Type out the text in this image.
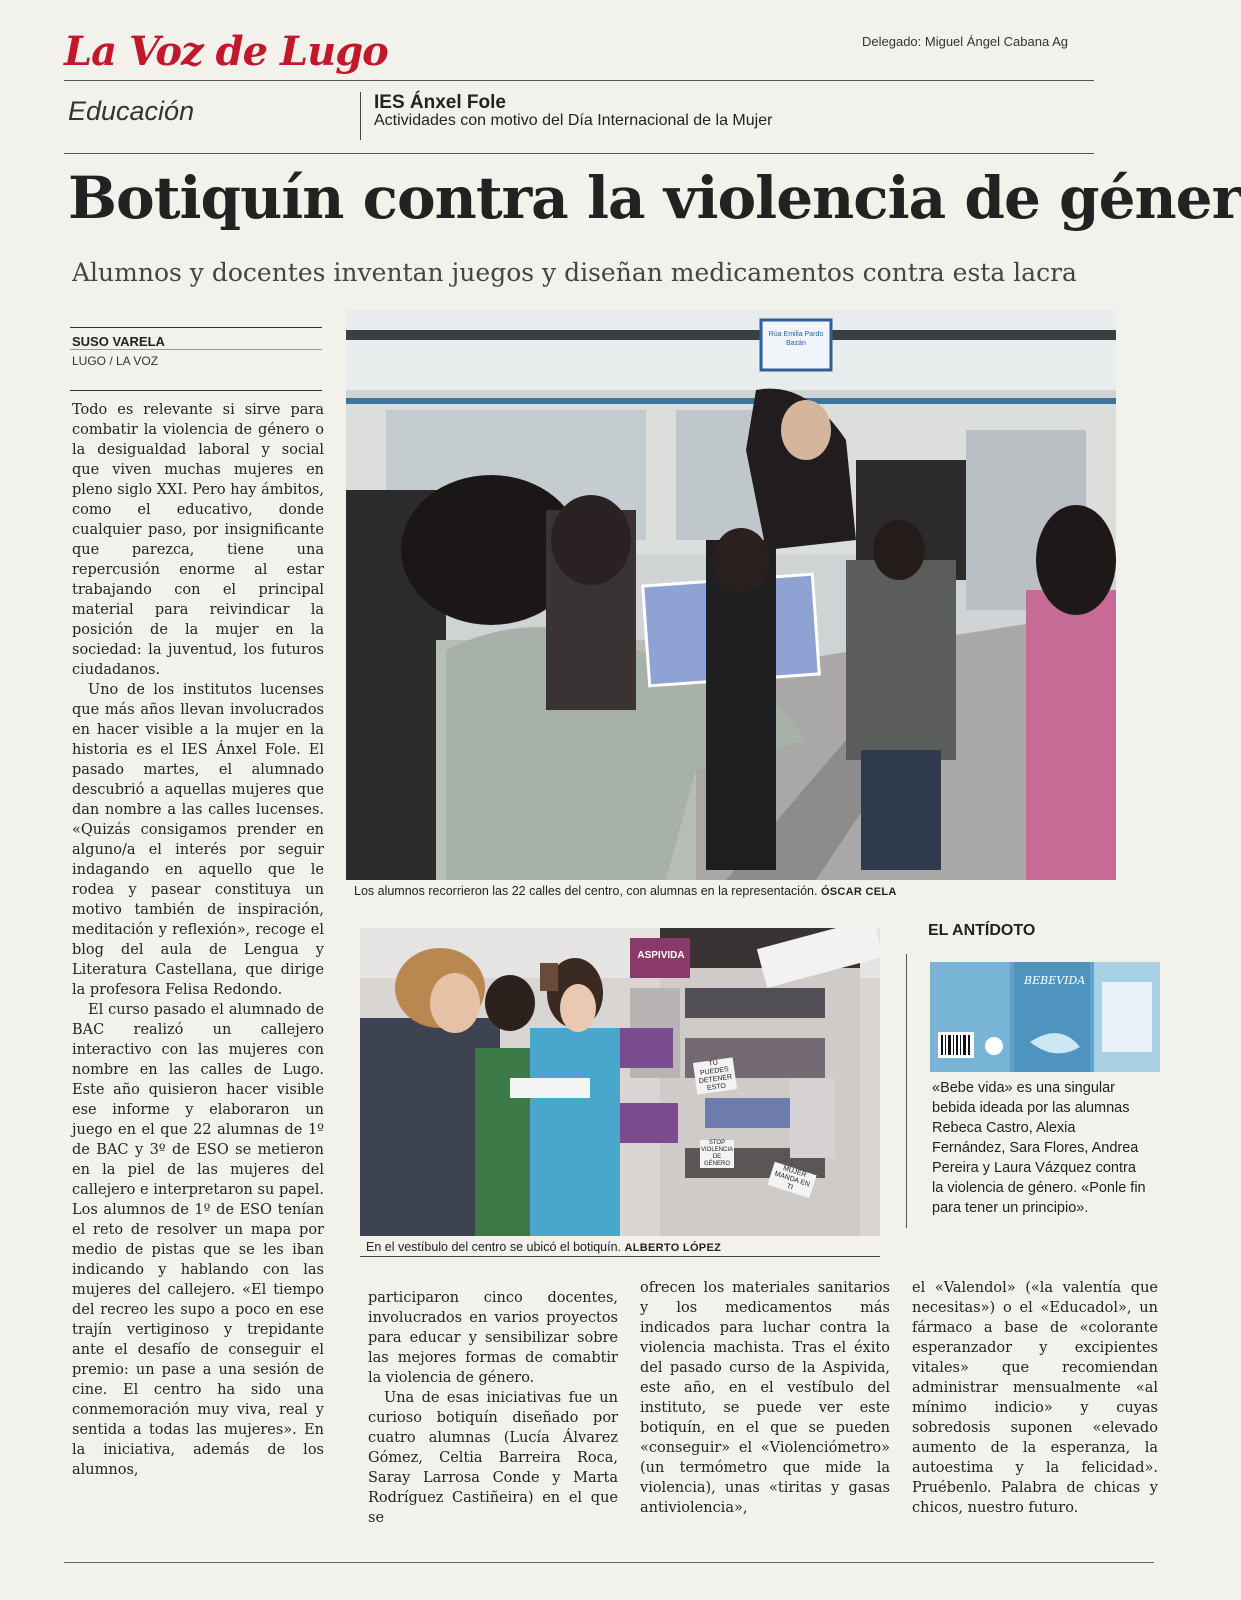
La Voz de Lugo	Delegado: Miguel Ángel Cabana Ag
Educación	IES Ánxel Fole
Actividades con motivo del Día Internacional de la Mujer
Botiquín contra la violencia de géner
Alumnos y docentes inventan juegos y diseñan medicamentos contra esta lacra
SUSO VARELA
LUGO / LA VOZ

Todo es relevante si sirve para combatir la violencia de género o la desigualdad laboral y social que viven muchas mujeres en pleno siglo XXI. Pero hay ámbitos, como el educativo, donde cualquier paso, por insignificante que parezca, tiene una repercusión enorme al estar trabajando con el principal material para reivindicar la posición de la mujer en la sociedad: la juventud, los futuros ciudadanos.

Uno de los institutos lucenses que más años llevan involucrados en hacer visible a la mujer en la historia es el IES Ánxel Fole. El pasado martes, el alumnado descubrió a aquellas mujeres que dan nombre a las calles lucenses. «Quizás consigamos prender en alguno/a el interés por seguir indagando en aquello que le rodea y pasear constituya un motivo también de inspiración, meditación y reflexión», recoge el blog del aula de Lengua y Literatura Castellana, que dirige la profesora Felisa Redondo.

El curso pasado el alumnado de BAC realizó un callejero interactivo con las mujeres con nombre en las calles de Lugo. Este año quisieron hacer visible ese informe y elaboraron un juego en el que 22 alumnas de 1º de BAC y 3º de ESO se metieron en la piel de las mujeres del callejero e interpretaron su papel. Los alumnos de 1º de ESO tenían el reto de resolver un mapa por medio de pistas que se les iban indicando y hablando con las mujeres del callejero. «El tiempo del recreo les supo a poco en ese trajín vertiginoso y trepidante ante el desafío de conseguir el premio: un pase a una sesión de cine. El centro ha sido una conmemoración muy viva, real y sentida a todas las mujeres». En la iniciativa, además de los alumnos,

Rúa Emilia Pardo Bazán
Los alumnos recorrieron las 22 calles del centro, con alumnas en la representación. ÓSCAR CELA
ASPIVIDA
TÚ PUEDES DETENER ESTO
STOP VIOLENCIA DE GÉNERO
MUJER MANDA EN TI
En el vestíbulo del centro se ubicó el botiquín. ALBERTO LÓPEZ
EL ANTÍDOTO
BEBEVIDA
«Bebe vida» es una singular bebida ideada por las alumnas Rebeca Castro, Alexia Fernández, Sara Flores, Andrea Pereira y Laura Vázquez contra la violencia de género. «Ponle fin para tener un principio».

participaron cinco docentes, involucrados en varios proyectos para educar y sensibilizar sobre las mejores formas de comabtir la violencia de género.

Una de esas iniciativas fue un curioso botiquín diseñado por cuatro alumnas (Lucía Álvarez Gómez, Celtia Barreira Roca, Saray Larrosa Conde y Marta Rodríguez Castiñeira) en el que se

ofrecen los materiales sanitarios y los medicamentos más indicados para luchar contra la violencia machista. Tras el éxito del pasado curso de la Aspivida, este año, en el vestíbulo del instituto, se puede ver este botiquín, en el que se pueden «conseguir» el «Violenciómetro» (un termómetro que mide la violencia), unas «tiritas y gasas antiviolencia»,

el «Valendol» («la valentía que necesitas») o el «Educadol», un fármaco a base de «colorante esperanzador y excipientes vitales» que recomiendan administrar mensualmente «al mínimo indicio» y cuyas sobredosis suponen «elevado aumento de la esperanza, la autoestima y la felicidad». Pruébenlo. Palabra de chicas y chicos, nuestro futuro.
